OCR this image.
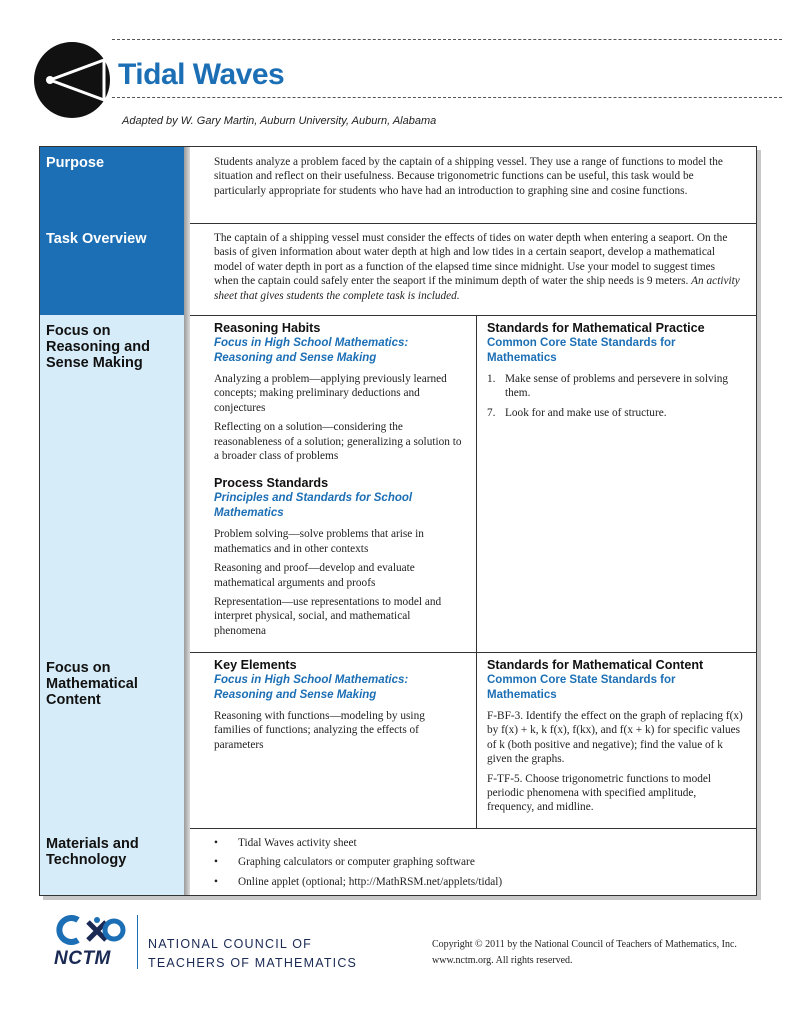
Tidal Waves
Adapted by W. Gary Martin, Auburn University, Auburn, Alabama
Purpose	Students analyze a problem faced by the captain of a shipping vessel. They use a range of functions to model the situation and reflect on their usefulness. Because trigonometric functions can be useful, this task would be particularly appropriate for students who have had an introduction to graphing sine and cosine functions.
Task Overview	The captain of a shipping vessel must consider the effects of tides on water depth when entering a seaport. On the basis of given information about water depth at high and low tides in a certain seaport, develop a mathematical model of water depth in port as a function of the elapsed time since midnight. Use your model to suggest times when the captain could safely enter the seaport if the minimum depth of water the ship needs is 9 meters. An activity sheet that gives students the complete task is included.
Focus on Reasoning and Sense Making
Reasoning Habits
Focus in High School Mathematics: Reasoning and Sense Making

Analyzing a problem—applying previously learned concepts; making preliminary deductions and conjectures

Reflecting on a solution—considering the reasonableness of a solution; generalizing a solution to a broader class of problems

Process Standards
Principles and Standards for School Mathematics

Problem solving—solve problems that arise in mathematics and in other contexts

Reasoning and proof—develop and evaluate mathematical arguments and proofs

Representation—use representations to model and interpret physical, social, and mathematical phenomena

Standards for Mathematical Practice
Common Core State Standards for Mathematics
1. Make sense of problems and persevere in solving them.
7. Look for and make use of structure.
Focus on Mathematical Content
Key Elements
Focus in High School Mathematics: Reasoning and Sense Making

Reasoning with functions—modeling by using families of functions; analyzing the effects of parameters

Standards for Mathematical Content
Common Core State Standards for Mathematics

F-BF-3. Identify the effect on the graph of replacing f(x) by f(x) + k, k f(x), f(kx), and f(x + k) for specific values of k (both positive and negative); find the value of k given the graphs.

F-TF-5. Choose trigonometric functions to model periodic phenomena with specified amplitude, frequency, and midline.

Materials and Technology
• Tidal Waves activity sheet
• Graphing calculators or computer graphing software
• Online applet (optional; http://MathRSM.net/applets/tidal)
NCTM
NATIONAL COUNCIL OF
TEACHERS OF MATHEMATICS
Copyright © 2011 by the National Council of Teachers of Mathematics, Inc.
www.nctm.org. All rights reserved.
